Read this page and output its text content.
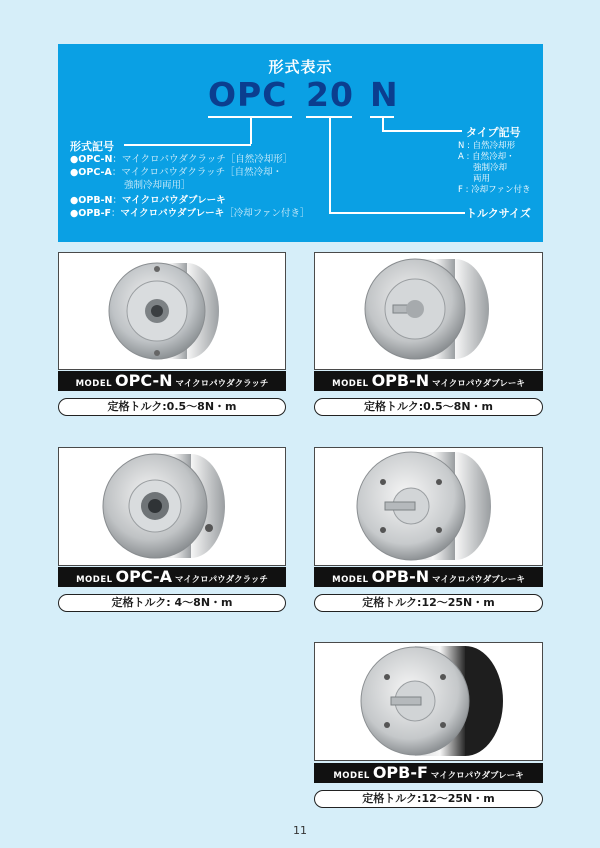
形式表示
OPC 20 N
形式記号
●OPC-N：マイクロパウダクラッチ［自然冷却形］
●OPC-A：マイクロパウダクラッチ［自然冷却・
強制冷却両用］
●OPB-N：マイクロパウダブレーキ
●OPB-F：マイクロパウダブレーキ［冷却ファン付き］
タイプ記号
N : 自然冷却形
A : 自然冷却・
強制冷却
両用
F : 冷却ファン付き
トルクサイズ
MODEL OPC-N マイクロパウダクラッチ
定格トルク:0.5～8N・m
MODEL OPB-N マイクロパウダブレーキ
定格トルク:0.5～8N・m
MODEL OPC-A マイクロパウダクラッチ
定格トルク: 4～8N・m
MODEL OPB-N マイクロパウダブレーキ
定格トルク:12～25N・m
MODEL OPB-F マイクロパウダブレーキ
定格トルク:12～25N・m
11
